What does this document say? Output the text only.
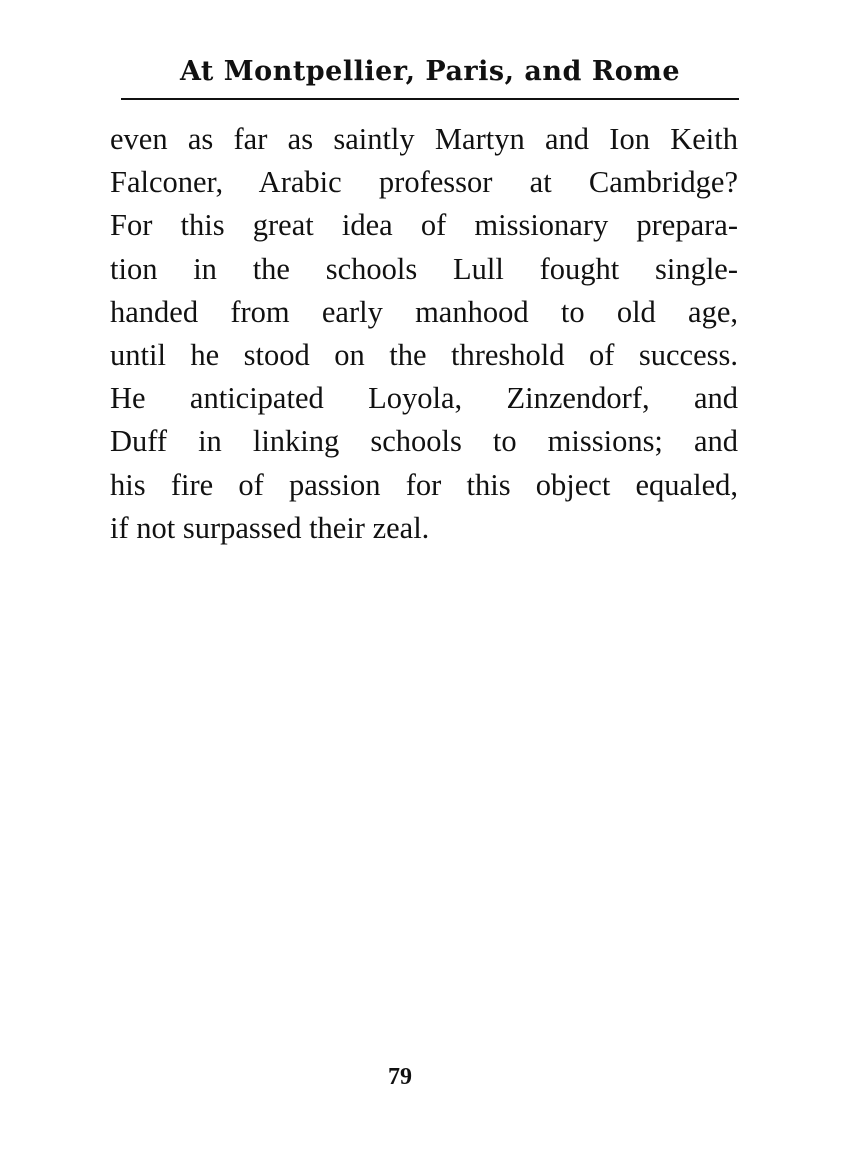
At Montpellier, Paris, and Rome
even as far as saintly Martyn and Ion Keith
Falconer, Arabic professor at Cambridge?
For this great idea of missionary prepara-
tion in the schools Lull fought single-
handed from early manhood to old age,
until he stood on the threshold of success.
He anticipated Loyola, Zinzendorf, and
Duff in linking schools to missions; and
his fire of passion for this object equaled,
if not surpassed their zeal.
79
